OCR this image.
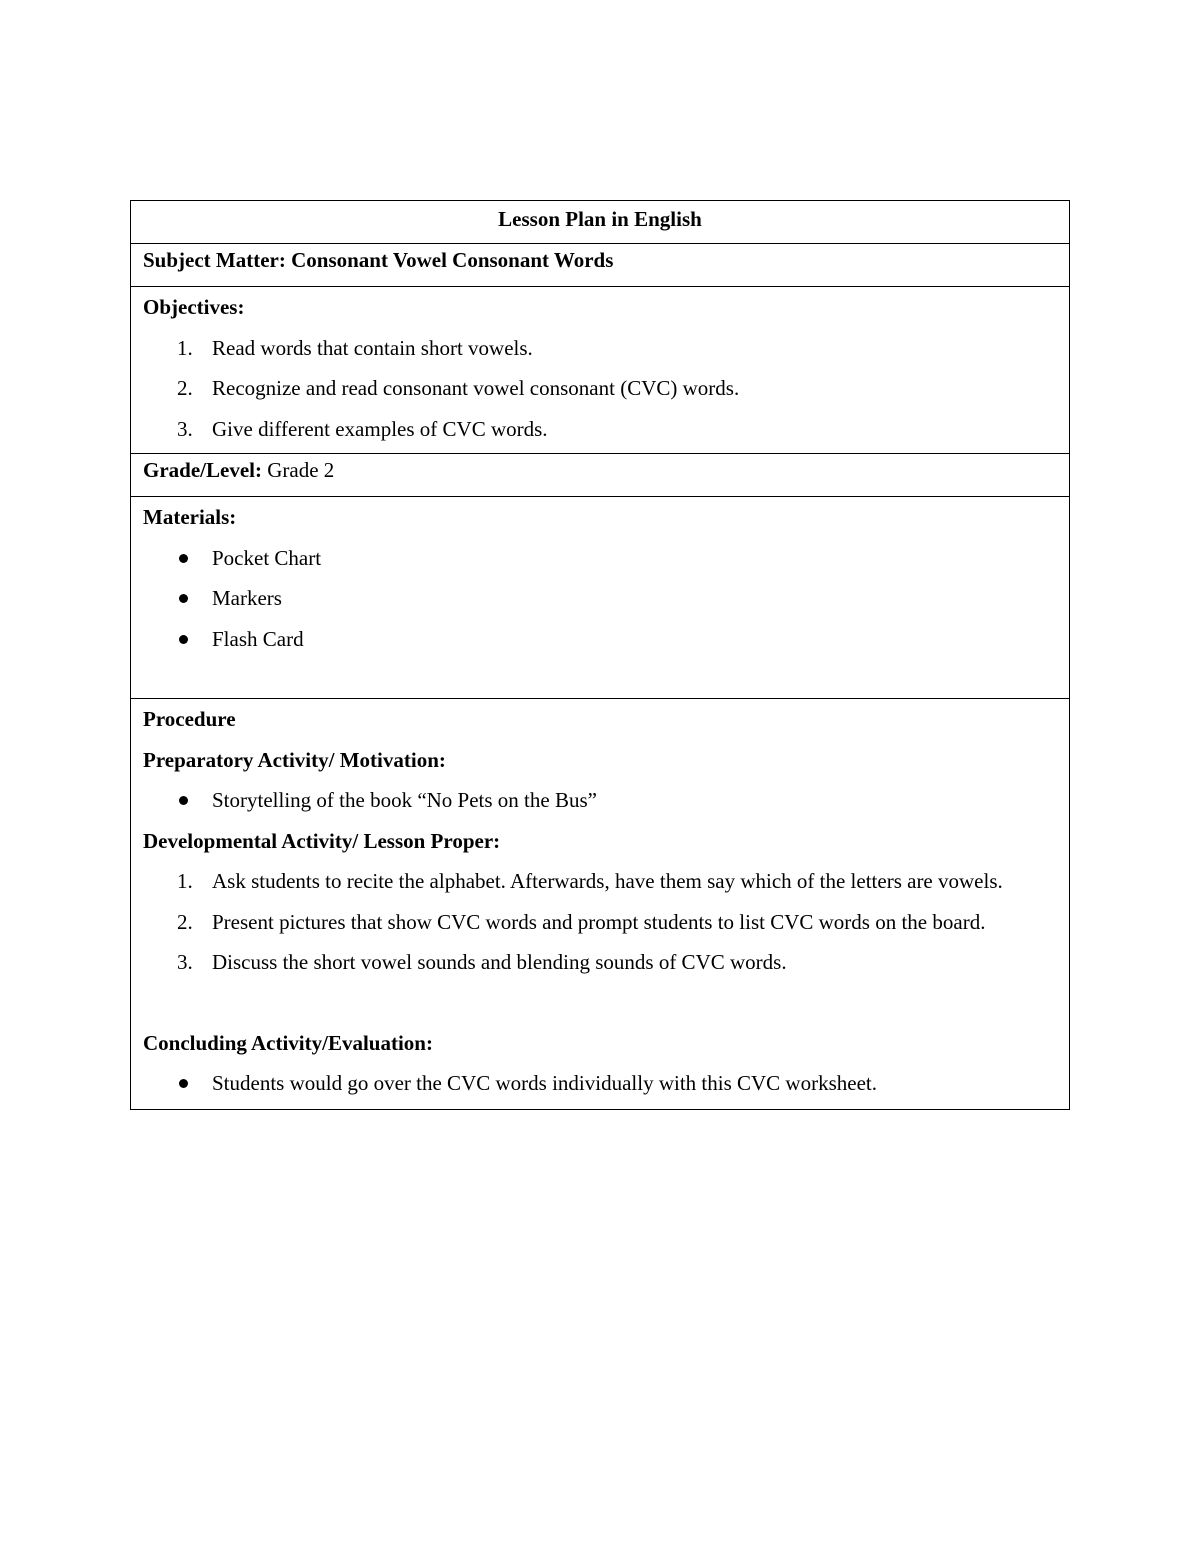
Lesson Plan in English
Subject Matter: Consonant Vowel Consonant Words

Objectives:
1. Read words that contain short vowels.
2. Recognize and read consonant vowel consonant (CVC) words.
3. Give different examples of CVC words.

Grade/Level: Grade 2

Materials:
Pocket Chart
Markers
Flash Card

Procedure
Preparatory Activity/ Motivation:
Storytelling of the book “No Pets on the Bus”
Developmental Activity/ Lesson Proper:
1. Ask students to recite the alphabet. Afterwards, have them say which of the letters are vowels.
2. Present pictures that show CVC words and prompt students to list CVC words on the board.
3. Discuss the short vowel sounds and blending sounds of CVC words.
Concluding Activity/Evaluation:
Students would go over the CVC words individually with this CVC worksheet.
